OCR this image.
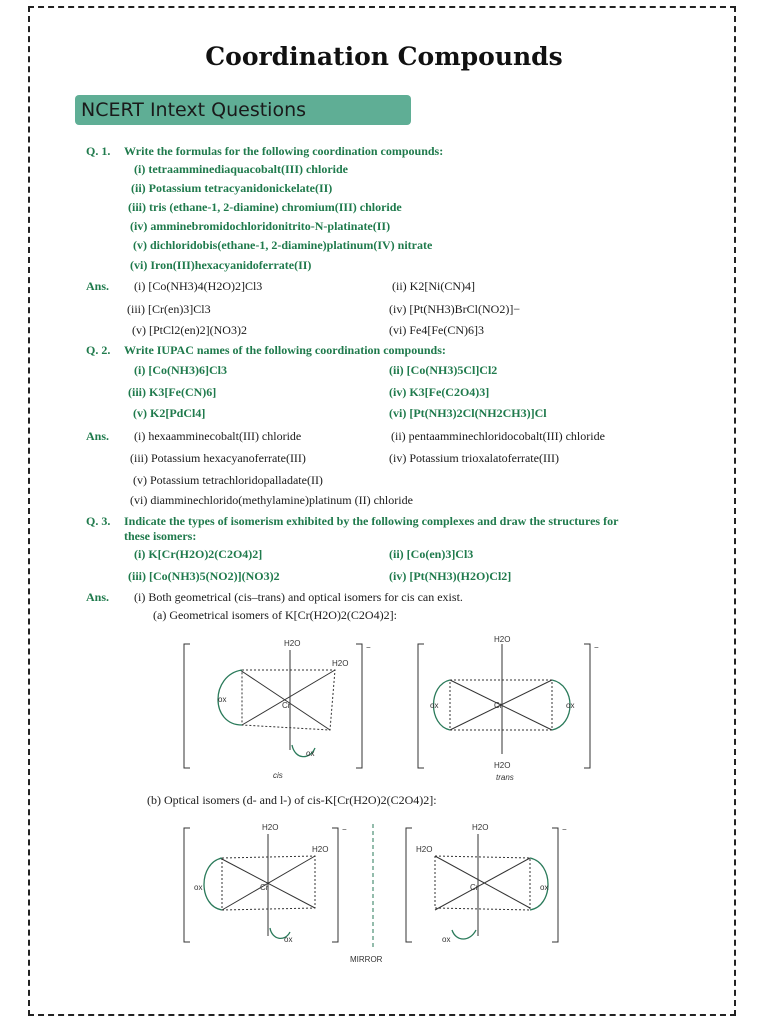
Coordination Compounds
NCERT Intext Questions
Q. 1. Write the formulas for the following coordination compounds:
(i) tetraamminediaquacobalt(III) chloride
(ii) Potassium tetracyanidonickelate(II)
(iii) tris (ethane-1, 2-diamine) chromium(III) chloride
(iv) amminebromidochloridonitrito-N-platinate(II)
(v) dichloridobis(ethane-1, 2-diamine)platinum(IV) nitrate
(vi) Iron(III)hexacyanidoferrate(II)
Ans. (i) [Co(NH3)4(H2O)2]Cl3	(ii) K2[Ni(CN)4]
(iii) [Cr(en)3]Cl3	(iv) [Pt(NH3)BrCl(NO2)]−
(v) [PtCl2(en)2](NO3)2	(vi) Fe4[Fe(CN)6]3
Q. 2. Write IUPAC names of the following coordination compounds:
(i) [Co(NH3)6]Cl3	(ii) [Co(NH3)5Cl]Cl2
(iii) K3[Fe(CN)6]	(iv) K3[Fe(C2O4)3]
(v) K2[PdCl4]	(vi) [Pt(NH3)2Cl(NH2CH3)]Cl
Ans. (i) hexaamminecobalt(III) chloride	(ii) pentaamminechloridocobalt(III) chloride
(iii) Potassium hexacyanoferrate(III)	(iv) Potassium trioxalatoferrate(III)
(v) Potassium tetrachloridopalladate(II)
(vi) diamminechlorido(methylamine)platinum (II) chloride
Q. 3. Indicate the types of isomerism exhibited by the following complexes and draw the structures for
these isomers:
(i) K[Cr(H2O)2(C2O4)2]	(ii) [Co(en)3]Cl3
(iii) [Co(NH3)5(NO2)](NO3)2	(iv) [Pt(NH3)(H2O)Cl2]
Ans. (i) Both geometrical (cis–trans) and optical isomers for cis can exist.
(a) Geometrical isomers of K[Cr(H2O)2(C2O4)2]:
−
H2O
H2O
ox
Cr
ox
cis
−
H2O
ox	Cr	ox
H2O
trans
(b) Optical isomers (d- and l-) of cis-K[Cr(H2O)2(C2O4)2]:
−
H2O
H2O
ox	Cr
ox
MIRROR
−
H2O
H2O
ox
Cr
ox
